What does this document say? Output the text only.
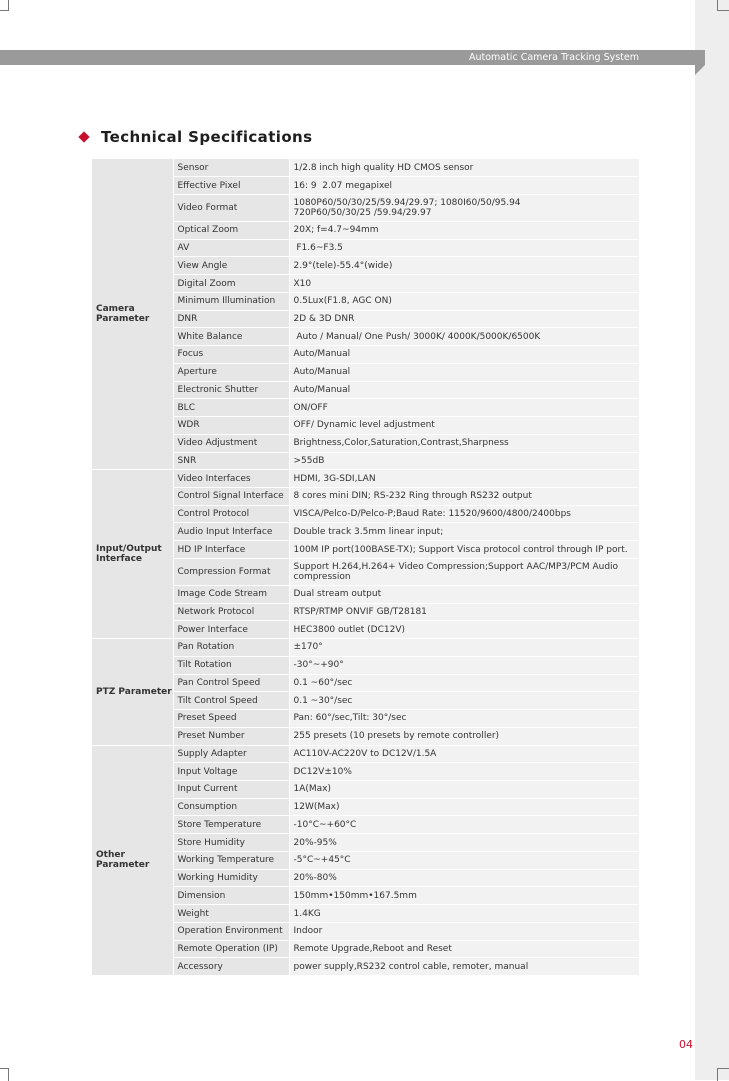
Automatic Camera Tracking System
Technical Specifications
Camera
Parameter	Sensor	1/2.8 inch high quality HD CMOS sensor
	Effective Pixel	16: 9  2.07 megapixel
	Video Format	1080P60/50/30/25/59.94/29.97; 1080I60/50/95.94
720P60/50/30/25 /59.94/29.97
	Optical Zoom	20X; f=4.7~94mm
	AV	F1.6~F3.5
	View Angle	2.9°(tele)-55.4°(wide)
	Digital Zoom	X10
	Minimum Illumination	0.5Lux(F1.8, AGC ON)
	DNR	2D & 3D DNR
	White Balance	Auto / Manual/ One Push/ 3000K/ 4000K/5000K/6500K
	Focus	Auto/Manual
	Aperture	Auto/Manual
	Electronic Shutter	Auto/Manual
	BLC	ON/OFF
	WDR	OFF/ Dynamic level adjustment
	Video Adjustment	Brightness,Color,Saturation,Contrast,Sharpness
	SNR	>55dB
Input/Output
Interface	Video Interfaces	HDMI, 3G-SDI,LAN
	Control Signal Interface	8 cores mini DIN; RS-232 Ring through RS232 output
	Control Protocol	VISCA/Pelco-D/Pelco-P;Baud Rate: 11520/9600/4800/2400bps
	Audio Input Interface	Double track 3.5mm linear input;
	HD IP Interface	100M IP port(100BASE-TX); Support Visca protocol control through IP port.
	Compression Format	Support H.264,H.264+ Video Compression;Support AAC/MP3/PCM Audio
compression
	Image Code Stream	Dual stream output
	Network Protocol	RTSP/RTMP ONVIF GB/T28181
	Power Interface	HEC3800 outlet (DC12V)
PTZ Parameter	Pan Rotation	±170°
	Tilt Rotation	-30°~+90°
	Pan Control Speed	0.1 ~60°/sec
	Tilt Control Speed	0.1 ~30°/sec
	Preset Speed	Pan: 60°/sec,Tilt: 30°/sec
	Preset Number	255 presets (10 presets by remote controller)
Other
Parameter	Supply Adapter	AC110V-AC220V to DC12V/1.5A
	Input Voltage	DC12V±10%
	Input Current	1A(Max)
	Consumption	12W(Max)
	Store Temperature	-10°C~+60°C
	Store Humidity	20%-95%
	Working Temperature	-5°C~+45°C
	Working Humidity	20%-80%
	Dimension	150mm•150mm•167.5mm
	Weight	1.4KG
	Operation Environment	Indoor
	Remote Operation (IP)	Remote Upgrade,Reboot and Reset
	Accessory	power supply,RS232 control cable, remoter, manual
04
